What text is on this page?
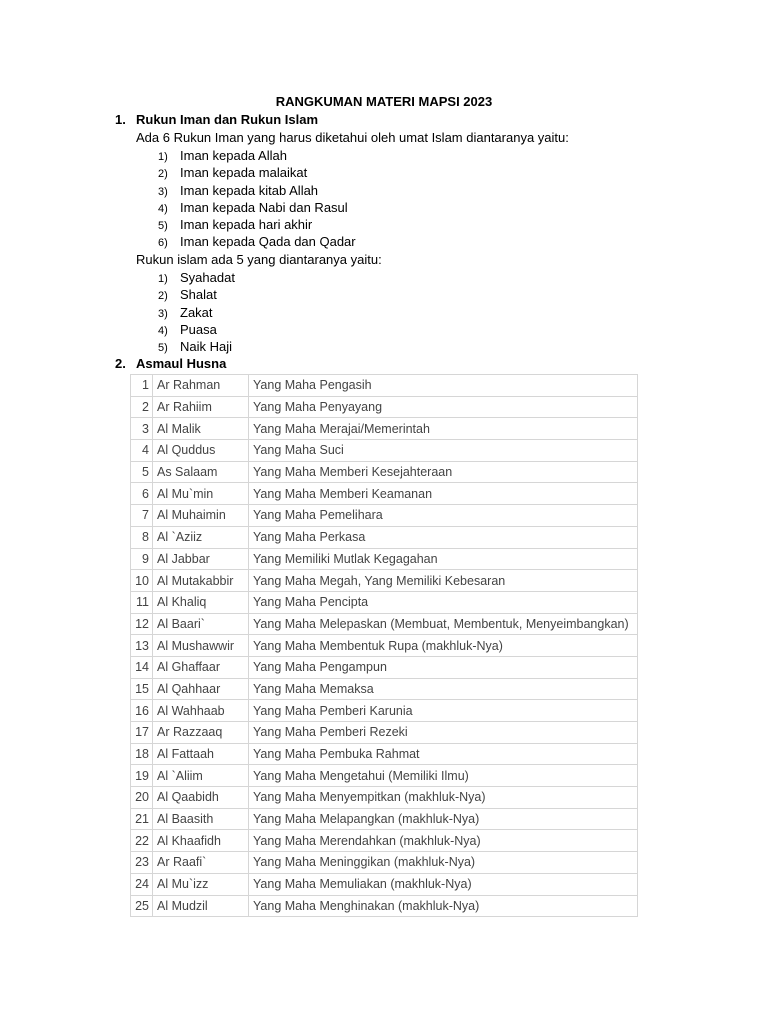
RANGKUMAN MATERI MAPSI 2023
1. Rukun Iman dan Rukun Islam
Ada 6 Rukun Iman yang harus diketahui oleh umat Islam diantaranya yaitu:
1) Iman kepada Allah
2) Iman kepada malaikat
3) Iman kepada kitab Allah
4) Iman kepada Nabi dan Rasul
5) Iman kepada hari akhir
6) Iman kepada Qada dan Qadar
Rukun islam ada 5 yang diantaranya yaitu:
1) Syahadat
2) Shalat
3) Zakat
4) Puasa
5) Naik Haji
2. Asmaul Husna
1	Ar Rahman	Yang Maha Pengasih
2	Ar Rahiim	Yang Maha Penyayang
3	Al Malik	Yang Maha Merajai/Memerintah
4	Al Quddus	Yang Maha Suci
5	As Salaam	Yang Maha Memberi Kesejahteraan
6	Al Mu`min	Yang Maha Memberi Keamanan
7	Al Muhaimin	Yang Maha Pemelihara
8	Al `Aziiz	Yang Maha Perkasa
9	Al Jabbar	Yang Memiliki Mutlak Kegagahan
10	Al Mutakabbir	Yang Maha Megah, Yang Memiliki Kebesaran
11	Al Khaliq	Yang Maha Pencipta
12	Al Baari`	Yang Maha Melepaskan (Membuat, Membentuk, Menyeimbangkan)
13	Al Mushawwir	Yang Maha Membentuk Rupa (makhluk-Nya)
14	Al Ghaffaar	Yang Maha Pengampun
15	Al Qahhaar	Yang Maha Memaksa
16	Al Wahhaab	Yang Maha Pemberi Karunia
17	Ar Razzaaq	Yang Maha Pemberi Rezeki
18	Al Fattaah	Yang Maha Pembuka Rahmat
19	Al `Aliim	Yang Maha Mengetahui (Memiliki Ilmu)
20	Al Qaabidh	Yang Maha Menyempitkan (makhluk-Nya)
21	Al Baasith	Yang Maha Melapangkan (makhluk-Nya)
22	Al Khaafidh	Yang Maha Merendahkan (makhluk-Nya)
23	Ar Raafi`	Yang Maha Meninggikan (makhluk-Nya)
24	Al Mu`izz	Yang Maha Memuliakan (makhluk-Nya)
25	Al Mudzil	Yang Maha Menghinakan (makhluk-Nya)
